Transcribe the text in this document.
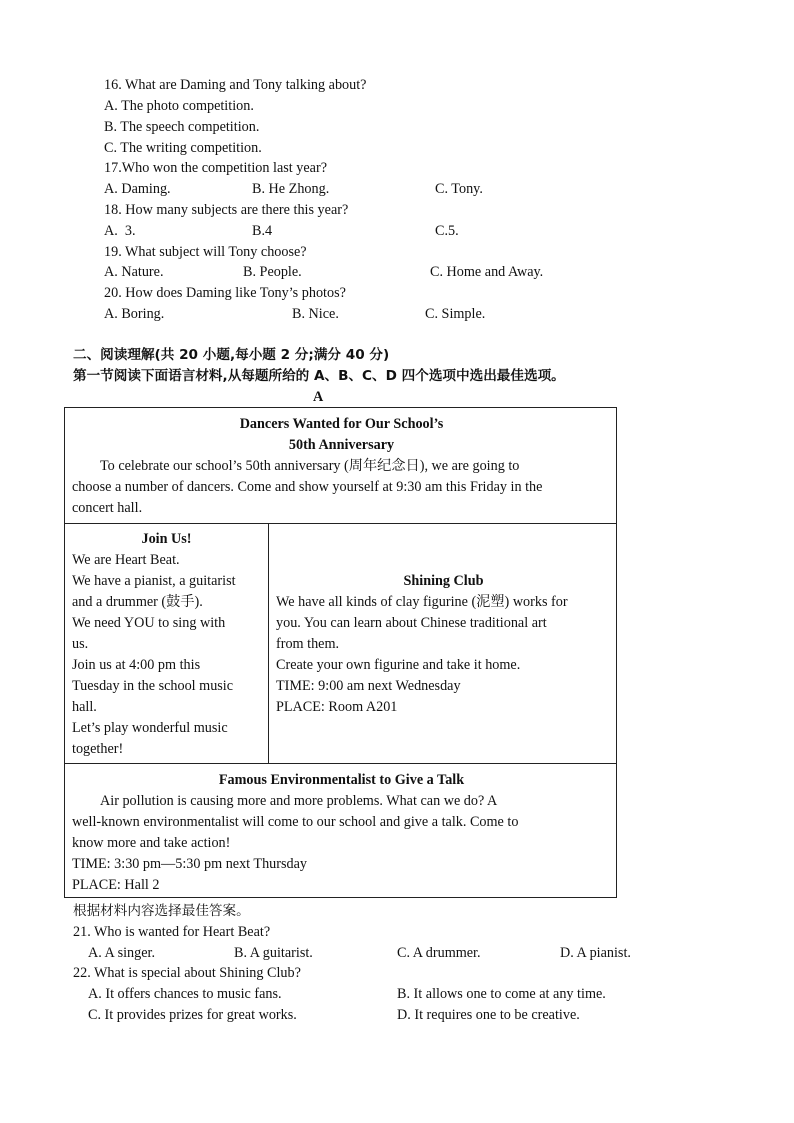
16. What are Daming and Tony talking about?
A. The photo competition.
B. The speech competition.
C. The writing competition.
17.Who won the competition last year?
A. Daming.	B. He Zhong.	C. Tony.
18. How many subjects are there this year?
A.  3.	B.4	C.5.
19. What subject will Tony choose?
A. Nature.	B. People.	C. Home and Away.
20. How does Daming like Tony’s photos?
A. Boring.	B. Nice.	C. Simple.
二、阅读理解(共 20 小题,每小题 2 分;满分 40 分)
第一节阅读下面语言材料,从每题所给的 A、B、C、D 四个选项中选出最佳选项。
A
Dancers Wanted for Our School’s
50th Anniversary
To celebrate our school’s 50th anniversary (周年纪念日), we are going to
choose a number of dancers. Come and show yourself at 9:30 am this Friday in the
concert hall.
Join Us!
We are Heart Beat.
We have a pianist, a guitarist
and a drummer (鼓手).
We need YOU to sing with
us.
Join us at 4:00 pm this
Tuesday in the school music
hall.
Let’s play wonderful music
together!
Shining Club
We have all kinds of clay figurine (泥塑) works for
you. You can learn about Chinese traditional art
from them.
Create your own figurine and take it home.
TIME: 9:00 am next Wednesday
PLACE: Room A201
Famous Environmentalist to Give a Talk
Air pollution is causing more and more problems. What can we do? A
well-known environmentalist will come to our school and give a talk. Come to
know more and take action!
TIME: 3:30 pm—5:30 pm next Thursday
PLACE: Hall 2
根据材料内容选择最佳答案。
21. Who is wanted for Heart Beat?
A. A singer.	B. A guitarist.	C. A drummer.	D. A pianist.
22. What is special about Shining Club?
A. It offers chances to music fans.	B. It allows one to come at any time.
C. It provides prizes for great works.	D. It requires one to be creative.
